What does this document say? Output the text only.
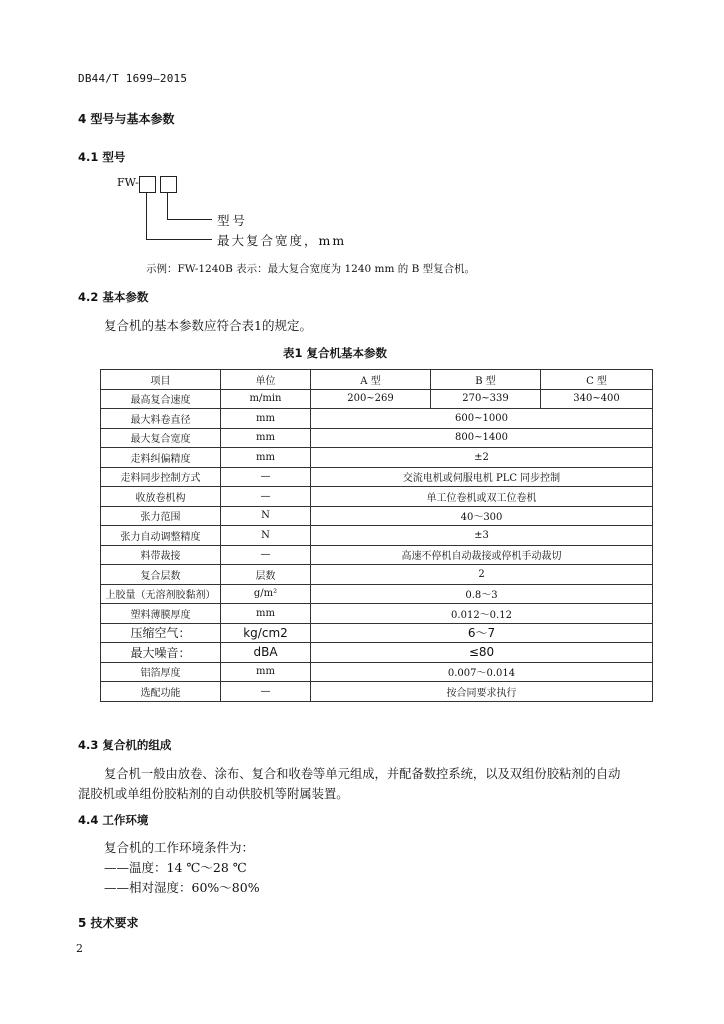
DB44/T 1699—2015
4 型号与基本参数
4.1 型号
FW-
型号
最大复合宽度，mm
示例：FW-1240B 表示：最大复合宽度为 1240 mm 的 B 型复合机。
4.2 基本参数
复合机的基本参数应符合表1的规定。
表1 复合机基本参数
项目	单位	A 型	B 型	C 型
最高复合速度	m/min	200~269	270~339	340~400
最大料卷直径	mm	600~1000		
最大复合宽度	mm	800~1400		
走料纠偏精度	mm	±2		
走料同步控制方式	—	交流电机或伺服电机 PLC 同步控制		
收放卷机构	—	单工位卷机或双工位卷机		
张力范围	N	40～300		
张力自动调整精度	N	±3		
料带裁接	—	高速不停机自动裁接或停机手动裁切		
复合层数	层数	2		
上胶量（无溶剂胶黏剂）	g/m²	0.8～3		
塑料薄膜厚度	mm	0.012～0.12		
压缩空气：	kg/cm2	6～7		
最大噪音：	dBA	≤80		
铝箔厚度	mm	0.007～0.014		
选配功能	—	按合同要求执行		
4.3 复合机的组成
复合机一般由放卷、涂布、复合和收卷等单元组成，并配备数控系统，以及双组份胶粘剂的自动
混胶机或单组份胶粘剂的自动供胶机等附属装置。
4.4 工作环境
复合机的工作环境条件为：
——温度：14 ℃～28 ℃
——相对湿度：60%～80%
5 技术要求
2
